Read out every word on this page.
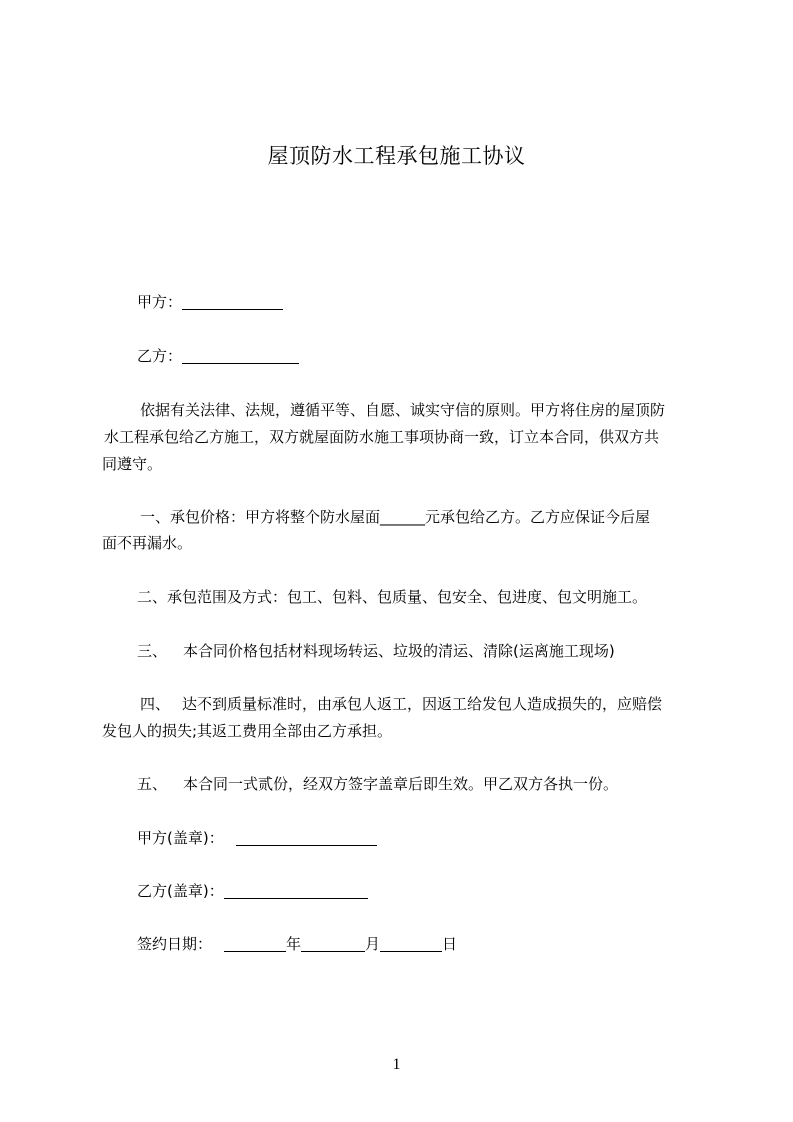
屋顶防水工程承包施工协议
甲方：
乙方：
依据有关法律、法规，遵循平等、自愿、诚实守信的原则。甲方将住房的屋顶防
水工程承包给乙方施工，双方就屋面防水施工事项协商一致，订立本合同，供双方共
同遵守。
一、承包价格：甲方将整个防水屋面______元承包给乙方。乙方应保证今后屋
面不再漏水。
二、承包范围及方式：包工、包料、包质量、包安全、包进度、包文明施工。
三、 本合同价格包括材料现场转运、垃圾的清运、清除(运离施工现场)
四、 达不到质量标准时，由承包人返工，因返工给发包人造成损失的，应赔偿
发包人的损失;其返工费用全部由乙方承担。
五、 本合同一式贰份，经双方签字盖章后即生效。甲乙双方各执一份。
甲方(盖章)：
乙方(盖章)：
签约日期：	年	月	日
1
